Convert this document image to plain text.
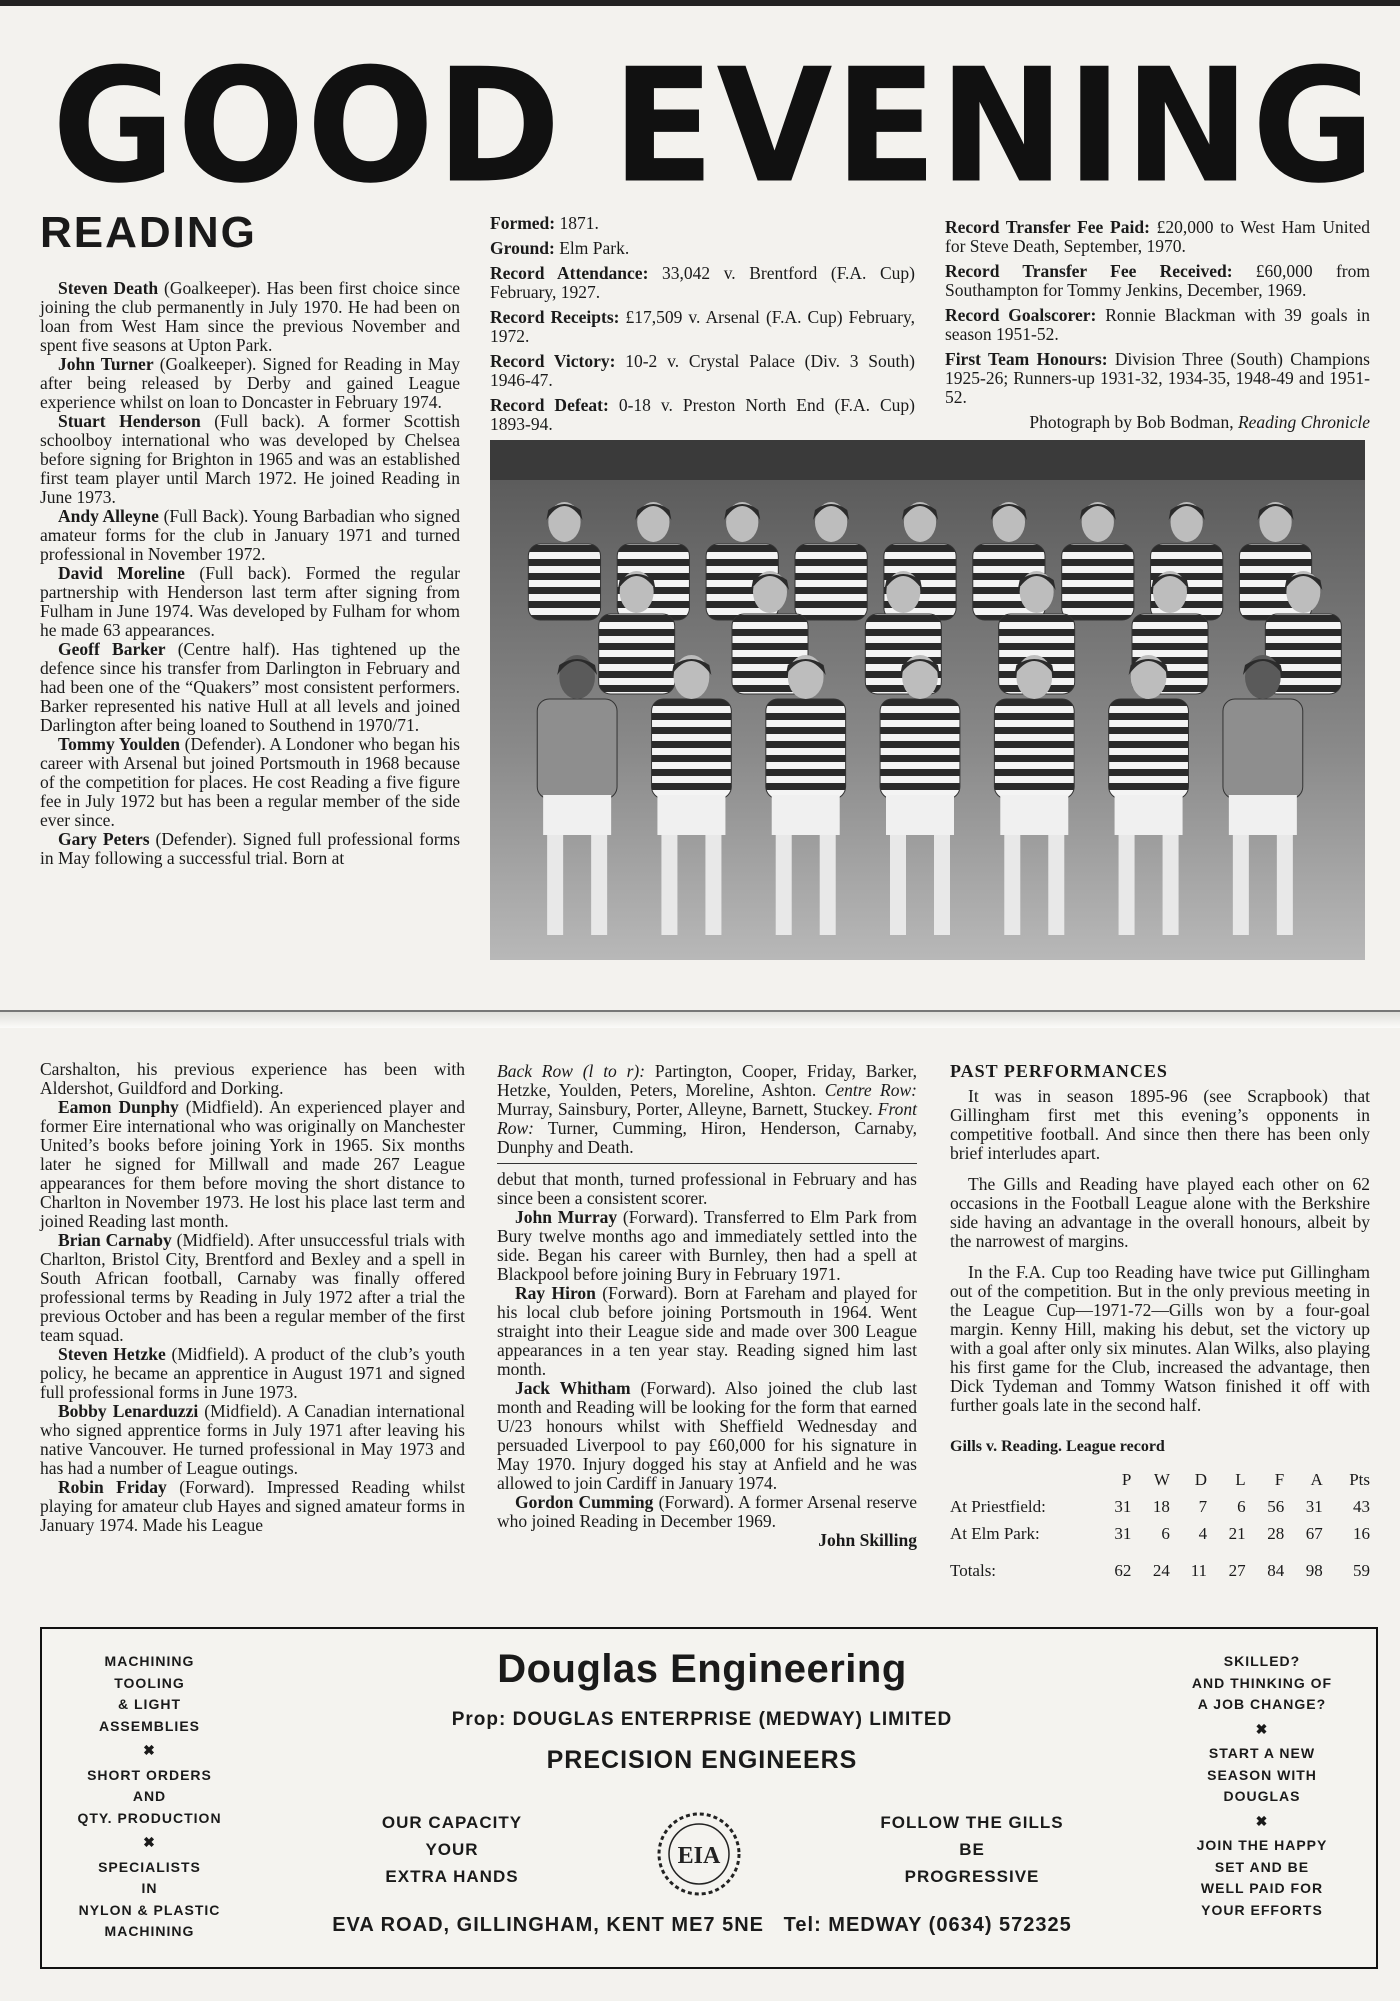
GOOD EVENING
READING

Steven Death (Goalkeeper). Has been first choice since joining the club permanently in July 1970. He had been on loan from West Ham since the previous November and spent five seasons at Upton Park.

John Turner (Goalkeeper). Signed for Reading in May after being released by Derby and gained League experience whilst on loan to Doncaster in February 1974.

Stuart Henderson (Full back). A former Scottish schoolboy international who was developed by Chelsea before signing for Brighton in 1965 and was an established first team player until March 1972. He joined Reading in June 1973.

Andy Alleyne (Full Back). Young Barbadian who signed amateur forms for the club in January 1971 and turned professional in November 1972.

David Moreline (Full back). Formed the regular partnership with Henderson last term after signing from Fulham in June 1974. Was developed by Fulham for whom he made 63 appearances.

Geoff Barker (Centre half). Has tightened up the defence since his transfer from Darlington in February and had been one of the “Quakers” most consistent performers. Barker represented his native Hull at all levels and joined Darlington after being loaned to Southend in 1970/71.

Tommy Youlden (Defender). A Londoner who began his career with Arsenal but joined Portsmouth in 1968 because of the competition for places. He cost Reading a five figure fee in July 1972 but has been a regular member of the side ever since.

Gary Peters (Defender). Signed full professional forms in May following a successful trial. Born at

Formed: 1871.

Ground: Elm Park.

Record Attendance: 33,042 v. Brentford (F.A. Cup) February, 1927.

Record Receipts: £17,509 v. Arsenal (F.A. Cup) February, 1972.

Record Victory: 10-2 v. Crystal Palace (Div. 3 South) 1946-47.

Record Defeat: 0-18 v. Preston North End (F.A. Cup) 1893-94.

Record Transfer Fee Paid: £20,000 to West Ham United for Steve Death, September, 1970.

Record Transfer Fee Received: £60,000 from Southampton for Tommy Jenkins, December, 1969.

Record Goalscorer: Ronnie Blackman with 39 goals in season 1951-52.

First Team Honours: Division Three (South) Champions 1925-26; Runners-up 1931-32, 1934-35, 1948-49 and 1951-52.

Photograph by Bob Bodman, Reading Chronicle

Carshalton, his previous experience has been with Aldershot, Guildford and Dorking.

Eamon Dunphy (Midfield). An experienced player and former Eire international who was originally on Manchester United’s books before joining York in 1965. Six months later he signed for Millwall and made 267 League appearances for them before moving the short distance to Charlton in November 1973. He lost his place last term and joined Reading last month.

Brian Carnaby (Midfield). After unsuccessful trials with Charlton, Bristol City, Brentford and Bexley and a spell in South African football, Carnaby was finally offered professional terms by Reading in July 1972 after a trial the previous October and has been a regular member of the first team squad.

Steven Hetzke (Midfield). A product of the club’s youth policy, he became an apprentice in August 1971 and signed full professional forms in June 1973.

Bobby Lenarduzzi (Midfield). A Canadian international who signed apprentice forms in July 1971 after leaving his native Vancouver. He turned professional in May 1973 and has had a number of League outings.

Robin Friday (Forward). Impressed Reading whilst playing for amateur club Hayes and signed amateur forms in January 1974. Made his League

Back Row (l to r): Partington, Cooper, Friday, Barker, Hetzke, Youlden, Peters, Moreline, Ashton. Centre Row: Murray, Sainsbury, Porter, Alleyne, Barnett, Stuckey. Front Row: Turner, Cumming, Hiron, Henderson, Carnaby, Dunphy and Death.

debut that month, turned professional in February and has since been a consistent scorer.

John Murray (Forward). Transferred to Elm Park from Bury twelve months ago and immediately settled into the side. Began his career with Burnley, then had a spell at Blackpool before joining Bury in February 1971.

Ray Hiron (Forward). Born at Fareham and played for his local club before joining Portsmouth in 1964. Went straight into their League side and made over 300 League appearances in a ten year stay. Reading signed him last month.

Jack Whitham (Forward). Also joined the club last month and Reading will be looking for the form that earned U/23 honours whilst with Sheffield Wednesday and persuaded Liverpool to pay £60,000 for his signature in May 1970. Injury dogged his stay at Anfield and he was allowed to join Cardiff in January 1974.

Gordon Cumming (Forward). A former Arsenal reserve who joined Reading in December 1969.

John Skilling

PAST PERFORMANCES

It was in season 1895-96 (see Scrapbook) that Gillingham first met this evening’s opponents in competitive football. And since then there has been only brief interludes apart.

The Gills and Reading have played each other on 62 occasions in the Football League alone with the Berkshire side having an advantage in the overall honours, albeit by the narrowest of margins.

In the F.A. Cup too Reading have twice put Gillingham out of the competition. But in the only previous meeting in the League Cup—1971-72—Gills won by a four-goal margin. Kenny Hill, making his debut, set the victory up with a goal after only six minutes. Alan Wilks, also playing his first game for the Club, increased the advantage, then Dick Tydeman and Tommy Watson finished it off with further goals late in the second half.

Gills v. Reading. League record
	P	W	D	L	F	A	Pts
At Priestfield:	31	18	7	6	56	31	43
At Elm Park:	31	6	4	21	28	67	16
Totals:	62	24	11	27	84	98	59
MACHINING
TOOLING
& LIGHT
ASSEMBLIES
✖
SHORT ORDERS
AND
QTY. PRODUCTION
✖
SPECIALISTS
IN
NYLON & PLASTIC
MACHINING
SKILLED?
AND THINKING OF
A JOB CHANGE?
✖
START A NEW
SEASON WITH
DOUGLAS
✖
JOIN THE HAPPY
SET AND BE
WELL PAID FOR
YOUR EFFORTS
Douglas Engineering
Prop: DOUGLAS ENTERPRISE (MEDWAY) LIMITED
PRECISION ENGINEERS
OUR CAPACITY
YOUR
EXTRA HANDS
FOLLOW THE GILLS
BE
PROGRESSIVE
EIA
EVA ROAD, GILLINGHAM, KENT ME7 5NE   Tel: MEDWAY (0634) 572325
